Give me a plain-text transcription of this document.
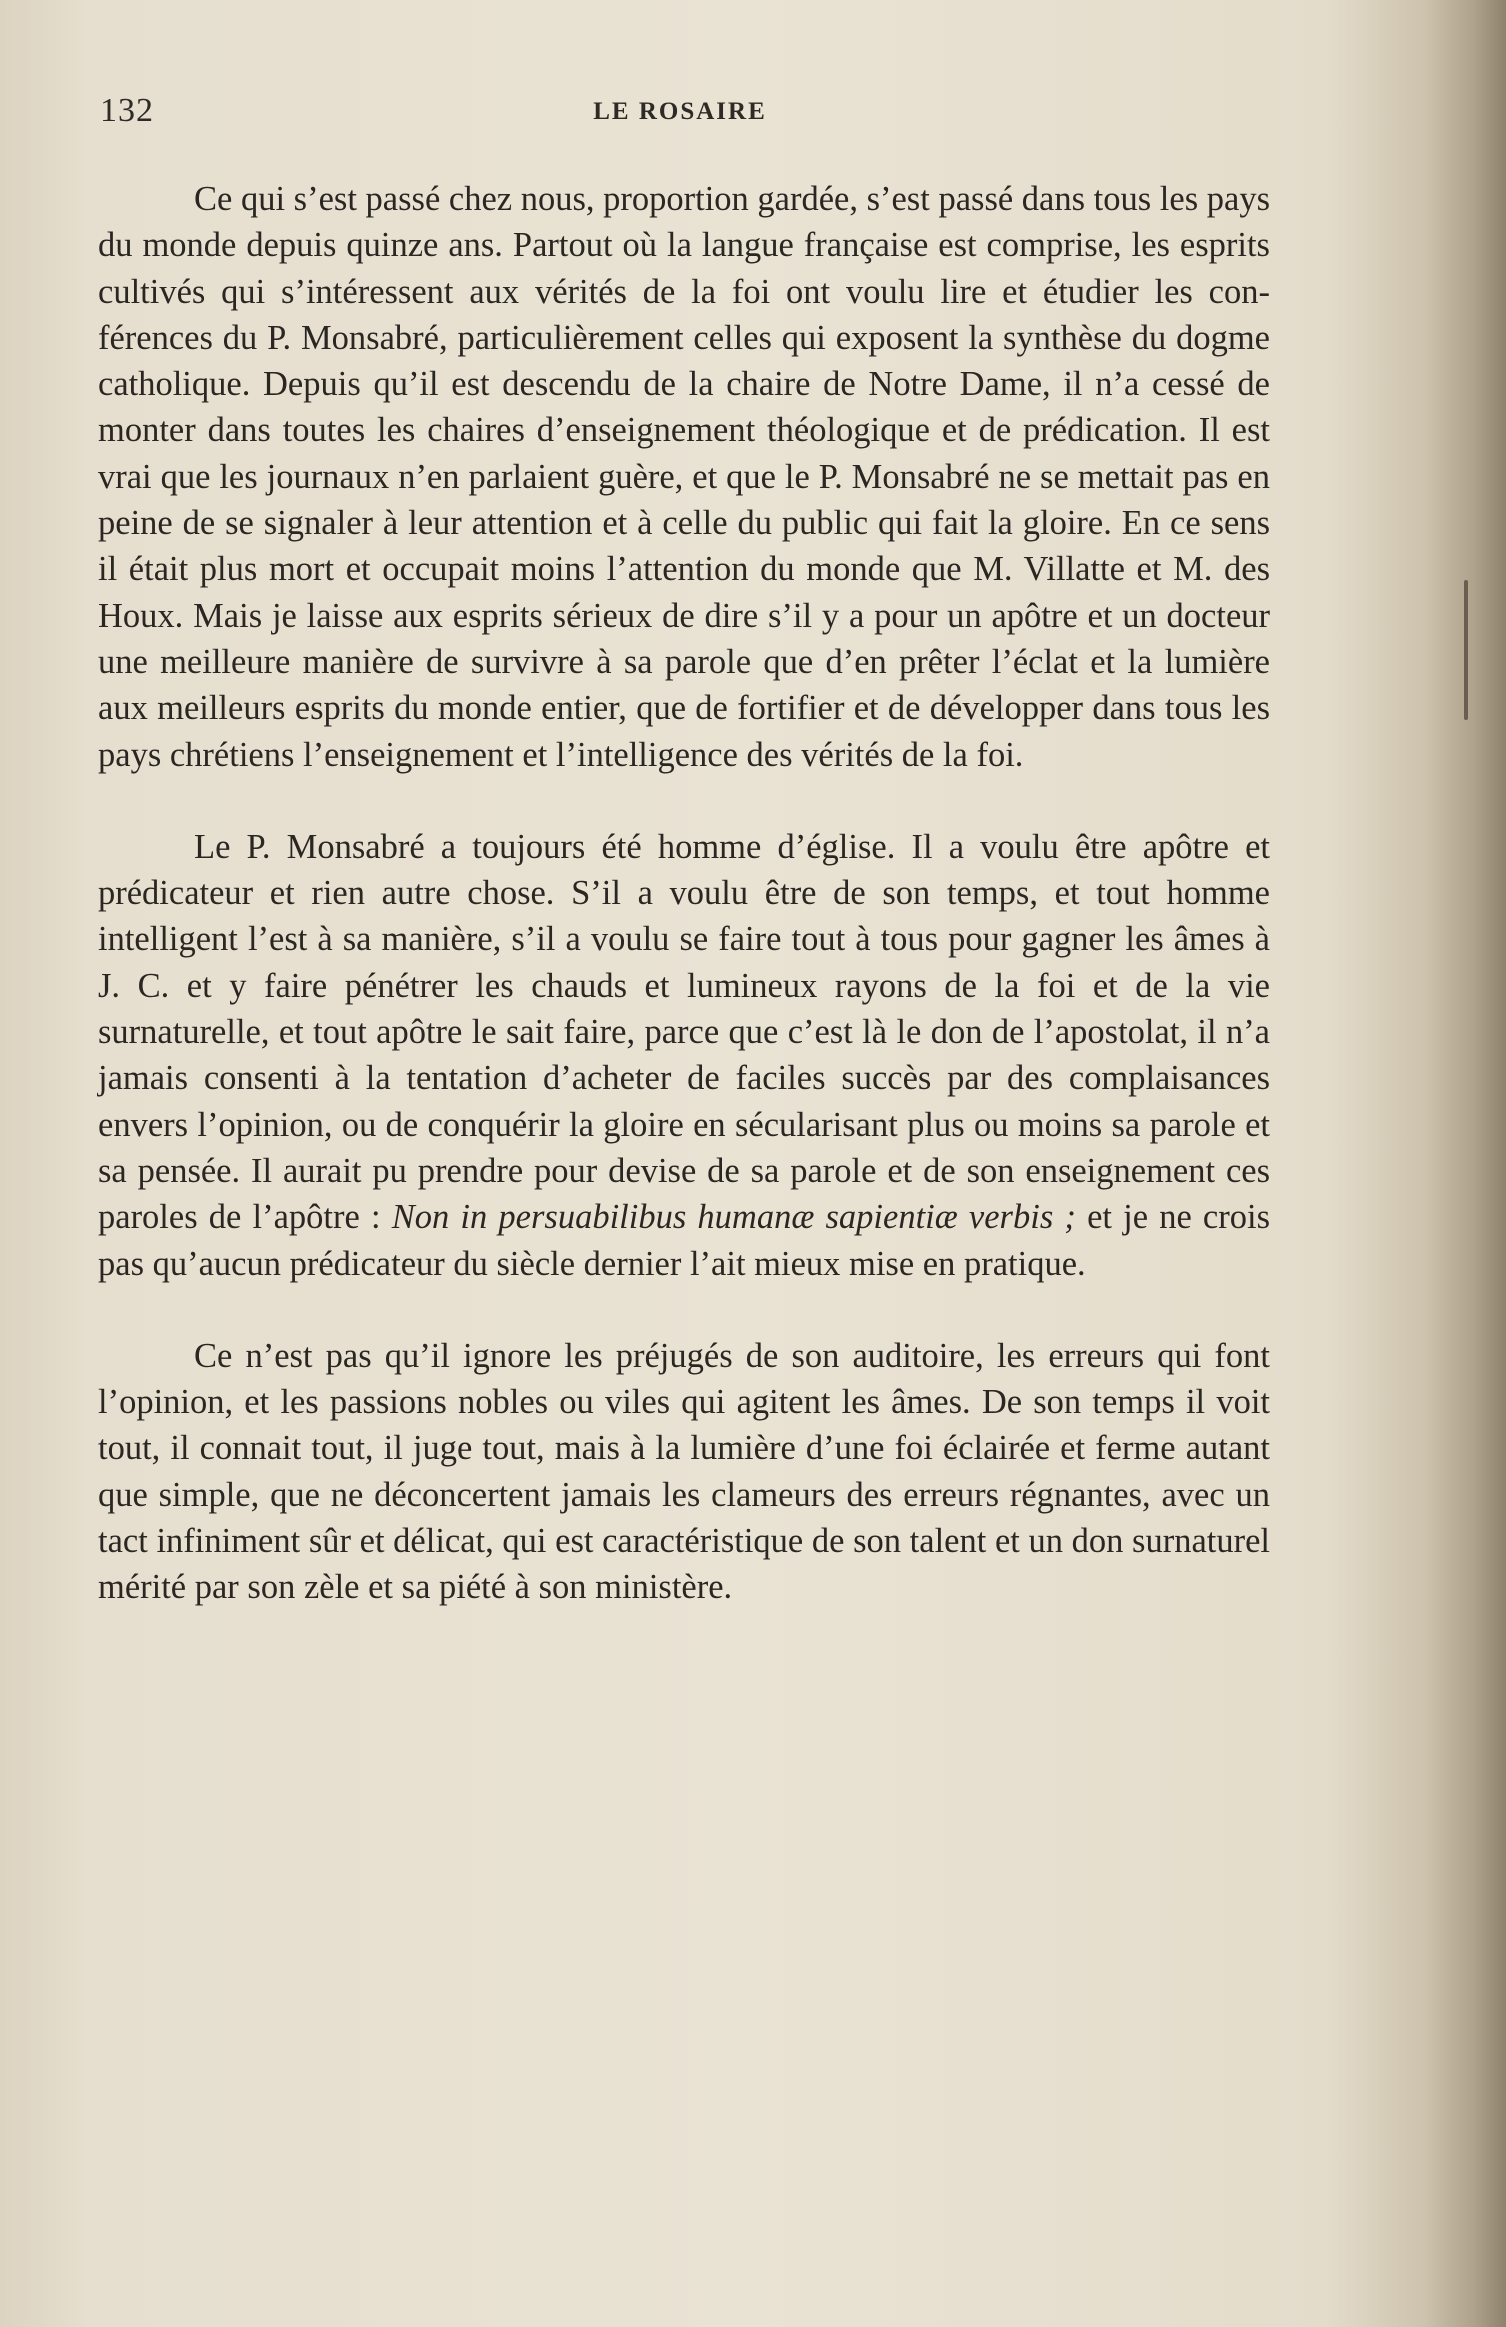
132	LE ROSAIRE

Ce qui s’est passé chez nous, proportion gardée, s’est passé dans tous les pays du monde depuis quinze ans. Partout où la langue française est comprise, les esprits cultivés qui s’intéressent aux vérités de la foi ont voulu lire et étudier les conférences du P. Monsabré, particulièrement celles qui exposent la synthèse du dogme catholique. Depuis qu’il est descendu de la chaire de Notre Dame, il n’a cessé de monter dans toutes les chaires d’enseignement théologique et de prédication. Il est vrai que les journaux n’en parlaient guère, et que le P. Monsabré ne se mettait pas en peine de se signaler à leur attention et à celle du public qui fait la gloire. En ce sens il était plus mort et occupait moins l’attention du monde que M. Villatte et M. des Houx. Mais je laisse aux esprits sérieux de dire s’il y a pour un apôtre et un docteur une meilleure manière de survivre à sa parole que d’en prêter l’éclat et la lumière aux meilleurs esprits du monde entier, que de fortifier et de développer dans tous les pays chrétiens l’enseignement et l’intelligence des vérités de la foi.

Le P. Monsabré a toujours été homme d’église. Il a voulu être apôtre et prédicateur et rien autre chose. S’il a voulu être de son temps, et tout homme intelligent l’est à sa manière, s’il a voulu se faire tout à tous pour gagner les âmes à J. C. et y faire pénétrer les chauds et lumineux rayons de la foi et de la vie surnaturelle, et tout apôtre le sait faire, parce que c’est là le don de l’apostolat, il n’a jamais consenti à la tentation d’acheter de faciles succès par des complaisances envers l’opinion, ou de conquérir la gloire en sécularisant plus ou moins sa parole et sa pensée. Il aurait pu prendre pour devise de sa parole et de son enseignement ces paroles de l’apôtre : Non in persuabilibus humanæ sapientiæ verbis ; et je ne crois pas qu’aucun prédicateur du siècle dernier l’ait mieux mise en pratique.

Ce n’est pas qu’il ignore les préjugés de son auditoire, les erreurs qui font l’opinion, et les passions nobles ou viles qui agitent les âmes. De son temps il voit tout, il connait tout, il juge tout, mais à la lumière d’une foi éclairée et ferme autant que simple, que ne déconcertent jamais les clameurs des erreurs régnantes, avec un tact infiniment sûr et délicat, qui est caractéristique de son talent et un don surnaturel mérité par son zèle et sa piété à son ministère.
